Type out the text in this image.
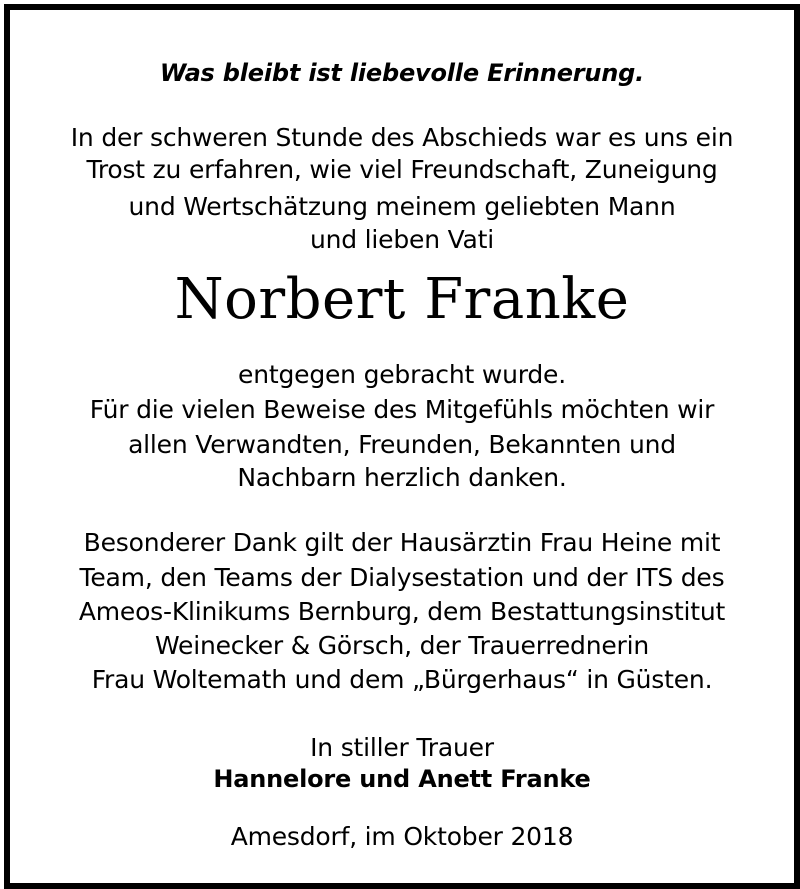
Was bleibt ist liebevolle Erinnerung.
In der schweren Stunde des Abschieds war es uns ein
Trost zu erfahren, wie viel Freundschaft, Zuneigung
und Wertschätzung meinem geliebten Mann
und lieben Vati
Norbert Franke
entgegen gebracht wurde.
Für die vielen Beweise des Mitgefühls möchten wir
allen Verwandten, Freunden, Bekannten und
Nachbarn herzlich danken.
Besonderer Dank gilt der Hausärztin Frau Heine mit
Team, den Teams der Dialysestation und der ITS des
Ameos-Klinikums Bernburg, dem Bestattungsinstitut
Weinecker & Görsch, der Trauerrednerin
Frau Woltemath und dem „Bürgerhaus“ in Güsten.
In stiller Trauer
Hannelore und Anett Franke
Amesdorf, im Oktober 2018
